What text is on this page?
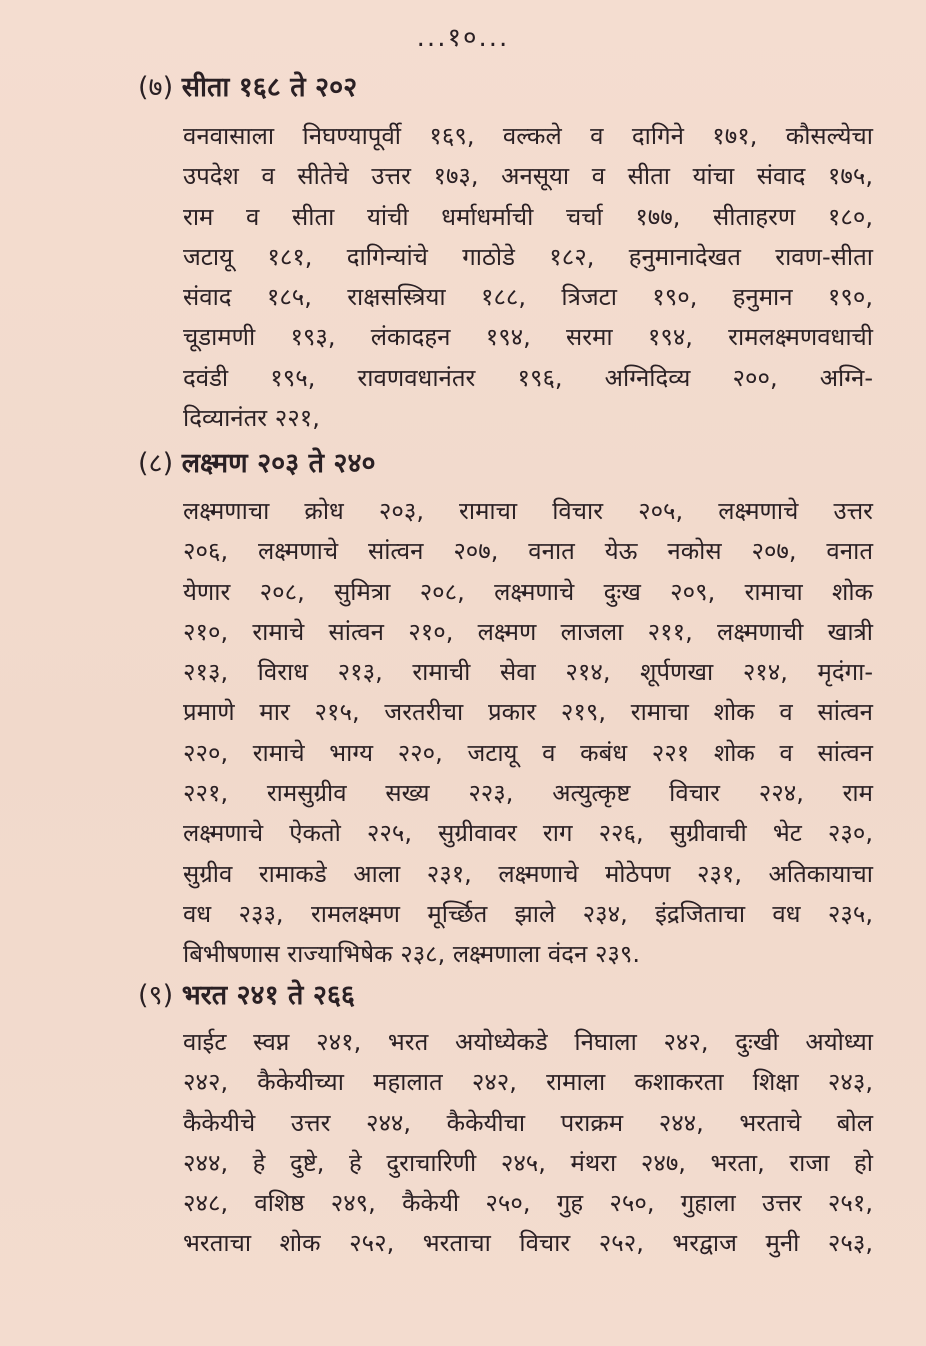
...१०...
(७) सीता १६८ ते २०२
वनवासाला निघण्यापूर्वी १६९, वल्कले व दागिने १७१, कौसल्येचा
उपदेश व सीतेचे उत्तर १७३, अनसूया व सीता यांचा संवाद १७५,
राम व सीता यांची धर्माधर्माची चर्चा १७७, सीताहरण १८०,
जटायू १८१, दागिन्यांचे गाठोडे १८२, हनुमानादेखत रावण-सीता
संवाद १८५, राक्षसस्त्रिया १८८, त्रिजटा १९०, हनुमान १९०,
चूडामणी १९३, लंकादहन १९४, सरमा १९४, रामलक्ष्मणवधाची
दवंडी १९५, रावणवधानंतर १९६, अग्निदिव्य २००, अग्नि-
दिव्यानंतर २२१,
(८) लक्ष्मण २०३ ते २४०
लक्ष्मणाचा क्रोध २०३, रामाचा विचार २०५, लक्ष्मणाचे उत्तर
२०६, लक्ष्मणाचे सांत्वन २०७, वनात येऊ नकोस २०७, वनात
येणार २०८, सुमित्रा २०८, लक्ष्मणाचे दुःख २०९, रामाचा शोक
२१०, रामाचे सांत्वन २१०, लक्ष्मण लाजला २११, लक्ष्मणाची खात्री
२१३, विराध २१३, रामाची सेवा २१४, शूर्पणखा २१४, मृदंगा-
प्रमाणे मार २१५, जरतरीचा प्रकार २१९, रामाचा शोक व सांत्वन
२२०, रामाचे भाग्य २२०, जटायू व कबंध २२१ शोक व सांत्वन
२२१, रामसुग्रीव सख्य २२३, अत्युत्कृष्ट विचार २२४, राम
लक्ष्मणाचे ऐकतो २२५, सुग्रीवावर राग २२६, सुग्रीवाची भेट २३०,
सुग्रीव रामाकडे आला २३१, लक्ष्मणाचे मोठेपण २३१, अतिकायाचा
वध २३३, रामलक्ष्मण मूर्च्छित झाले २३४, इंद्रजिताचा वध २३५,
बिभीषणास राज्याभिषेक २३८, लक्ष्मणाला वंदन २३९.
(९) भरत २४१ ते २६६
वाईट स्वप्न २४१, भरत अयोध्येकडे निघाला २४२, दुःखी अयोध्या
२४२, कैकेयीच्या महालात २४२, रामाला कशाकरता शिक्षा २४३,
कैकेयीचे उत्तर २४४, कैकेयीचा पराक्रम २४४, भरताचे बोल
२४४, हे दुष्टे, हे दुराचारिणी २४५, मंथरा २४७, भरता, राजा हो
२४८, वशिष्ठ २४९, कैकेयी २५०, गुह २५०, गुहाला उत्तर २५१,
भरताचा शोक २५२, भरताचा विचार २५२, भरद्वाज मुनी २५३,
